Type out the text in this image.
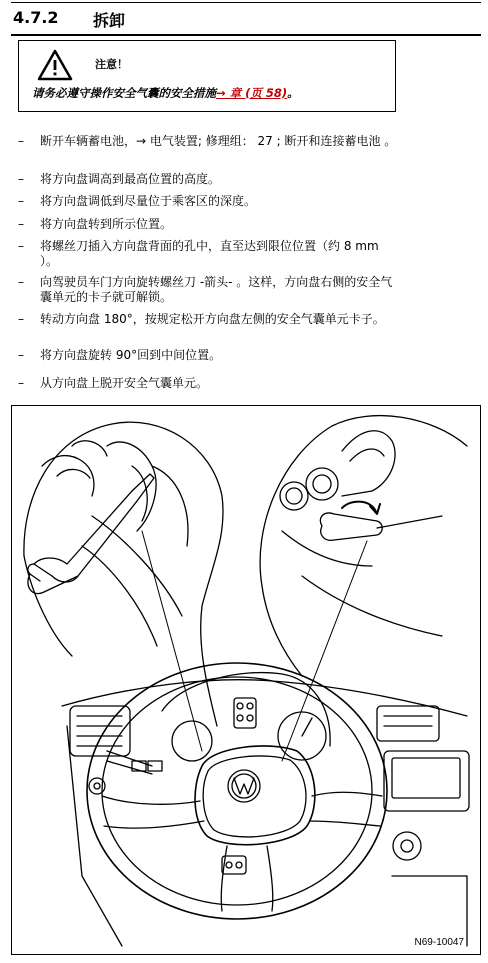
4.7.2 拆卸
注意！
请务必遵守操作安全气囊的安全措施→ 章 (页 58)。
– 断开车辆蓄电池，→ 电气装置; 修理组： 27 ; 断开和连接蓄电池 。
– 将方向盘调高到最高位置的高度。
– 将方向盘调低到尽量位于乘客区的深度。
– 将方向盘转到所示位置。
– 将螺丝刀插入方向盘背面的孔中，直至达到限位位置（约 8 mm ）。
– 向驾驶员车门方向旋转螺丝刀 -箭头- 。这样，方向盘右侧的安全气囊单元的卡子就可解锁。
– 转动方向盘 180°，按规定松开方向盘左侧的安全气囊单元卡子。
– 将方向盘旋转 90°回到中间位置。
– 从方向盘上脱开安全气囊单元。
N69-10047
